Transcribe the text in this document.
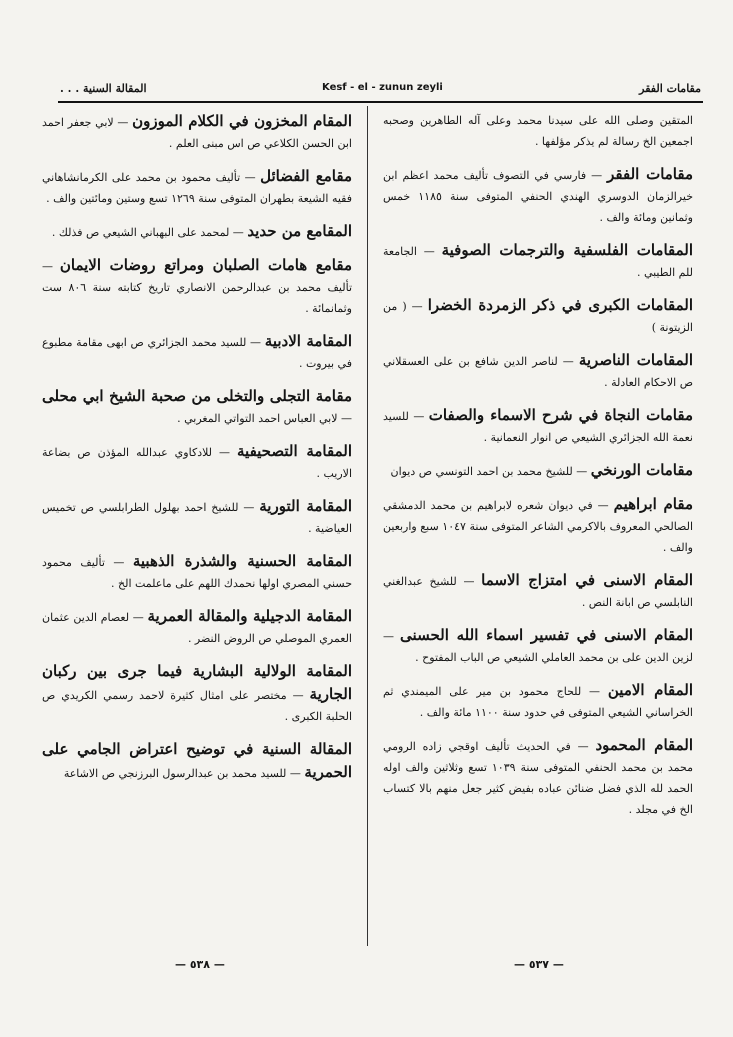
المقالة السنية . . .	Kesf - el - zunun zeyli	مقامات الفقر
المتقين وصلى الله على سيدنا محمد وعلى آله الطاهرين وصحبه اجمعين الخ رسالة لم يذكر مؤلفها .
مقامات الفقر — فارسي في التصوف تأليف محمد اعظم ابن خيرالزمان الدوسري الهندي الحنفي المتوفى سنة ١١٨٥ خمس وثمانين ومائة والف .
المقامات الفلسفية والترجمات الصوفية — الجامعة للم الطيبي .
المقامات الكبرى في ذكر الزمردة الخضرا — ( من الزيتونة )
المقامات الناصرية — لناصر الدين شافع بن على العسقلاني ص الاحكام العادلة .
مقامات النجاة في شرح الاسماء والصفات — للسيد نعمة الله الجزائري الشيعي ص انوار النعمانية .
مقامات الورنخي — للشيخ محمد بن احمد التونسي ص ديوان
مقام ابراهيم — في ديوان شعره لابراهيم بن محمد الدمشقي الصالحي المعروف بالاكرمي الشاعر المتوفى سنة ١٠٤٧ سبع واربعين والف .
المقام الاسنى في امتزاج الاسما — للشيخ عبدالغني النابلسي ص ابانة النص .
المقام الاسنى في تفسير اسماء الله الحسنى — لزين الدين على بن محمد العاملي الشيعي ص الباب المفتوح .
المقام الامين — للحاج محمود بن مير على الميمندي ثم الخراساني الشيعي المتوفى في حدود سنة ١١٠٠ مائة والف .
المقام المحمود — في الحديث تأليف اوقجي زاده الرومي محمد بن محمد الحنفي المتوفى سنة ١٠٣٩ تسع وثلاثين والف اوله الحمد لله الذي فضل ضنائن عباده بفيض كثير جعل منهم بالا كتساب الخ في مجلد .
المقام المخزون في الكلام الموزون — لابي جعفر احمد ابن الحسن الكلاعي ص اس مبنى العلم .
مقامع الفضائل — تأليف محمود بن محمد على الكرمانشاهاني فقيه الشيعة بطهران المتوفى سنة ١٢٦٩ تسع وستين ومائتين والف .
المقامع من حديد — لمحمد على البهباني الشيعي ص فذلك .
مقامع هامات الصلبان ومراتع روضات الايمان — تأليف محمد بن عبدالرحمن الانصاري تاريخ كتابته سنة ٨٠٦ ست وثمانمائة .
المقامة الادبية — للسيد محمد الجزائري ص ابهى مقامة مطبوع في بيروت .
مقامة التجلى والتخلى من صحبة الشيخ ابي محلى — لابي العباس احمد التواتي المغربي .
المقامة التصحيفية — للادكاوي عبدالله المؤذن ص بضاعة الاريب .
المقامة التورية — للشيخ احمد بهلول الطرابلسي ص تخميس العياضية .
المقامة الحسنية والشذرة الذهبية — تأليف محمود حسني المصري اولها نحمدك اللهم على ماعلمت الخ .
المقامة الدجيلية والمقالة العمرية — لعصام الدين عثمان العمري الموصلي ص الروض النضر .
المقامة الولالية البشارية فيما جرى بين ركبان الجارية — مختصر على امثال كثيرة لاحمد رسمي الكريدي ص الحلبة الكبرى .
المقالة السنية في توضيح اعتراض الجامي على الحمرية — للسيد محمد بن عبدالرسول البرزنجي ص الاشاعة
— ٥٣٨ —	— ٥٣٧ —
